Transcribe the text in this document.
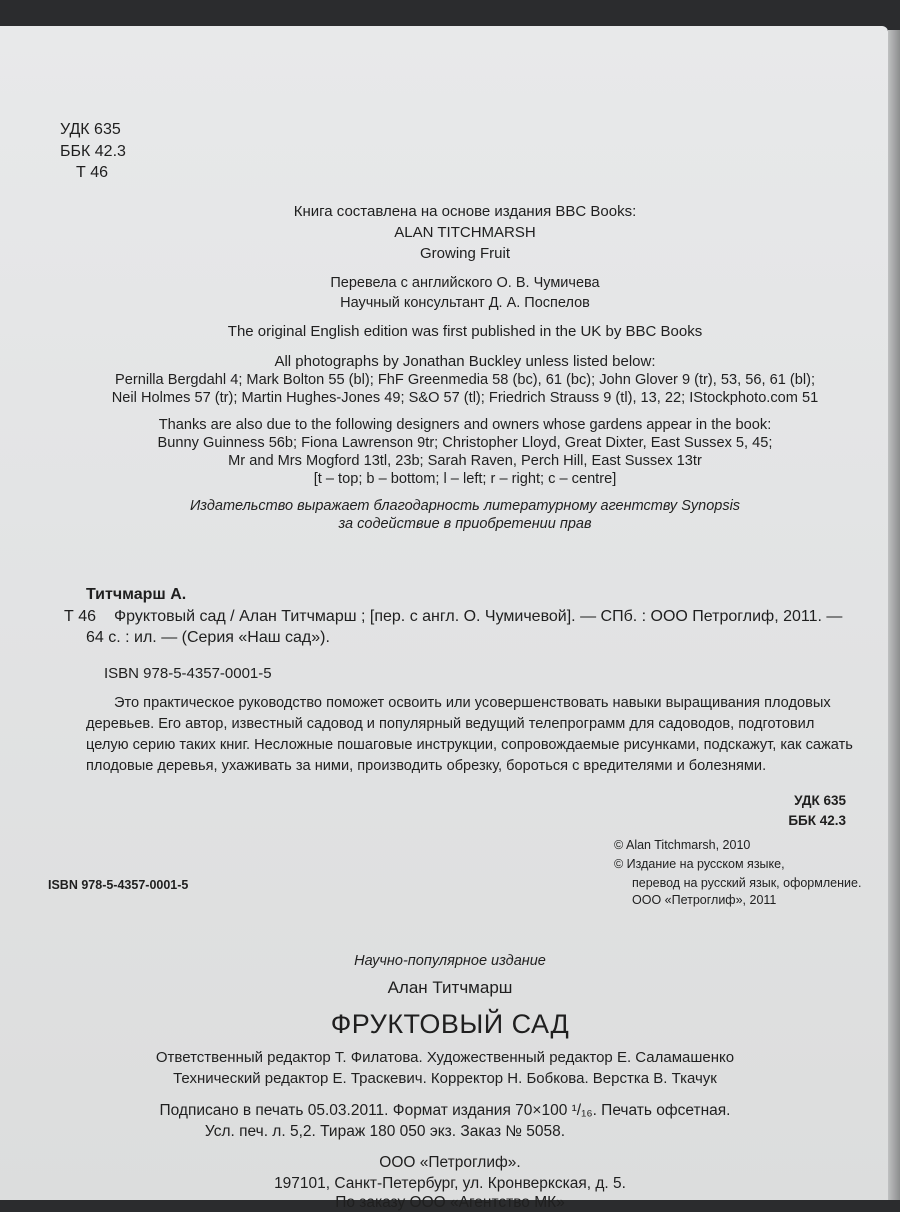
УДК 635
ББК 42.3
Т 46
Книга составлена на основе издания BBC Books:
ALAN TITCHMARSH
Growing Fruit
Перевела с английского О. В. Чумичева
Научный консультант Д. А. Поспелов
The original English edition was first published in the UK by BBC Books
All photographs by Jonathan Buckley unless listed below:
Pernilla Bergdahl 4; Mark Bolton 55 (bl); FhF Greenmedia 58 (bc), 61 (bc); John Glover 9 (tr), 53, 56, 61 (bl);
Neil Holmes 57 (tr); Martin Hughes-Jones 49; S&O 57 (tl); Friedrich Strauss 9 (tl), 13, 22; IStockphoto.com 51
Thanks are also due to the following designers and owners whose gardens appear in the book:
Bunny Guinness 56b; Fiona Lawrenson 9tr; Christopher Lloyd, Great Dixter, East Sussex 5, 45;
Mr and Mrs Mogford 13tl, 23b; Sarah Raven, Perch Hill, East Sussex 13tr
[t – top; b – bottom; l – left; r – right; c – centre]
Издательство выражает благодарность литературному агентству Synopsis
за содействие в приобретении прав
Титчмарш А.
Т 46 Фруктовый сад / Алан Титчмарш ; [пер. с англ. О. Чумичевой]. — СПб. : ООО Петроглиф, 2011. —
64 с. : ил. — (Серия «Наш сад»).
ISBN 978-5-4357-0001-5
Это практическое руководство поможет освоить или усовершенствовать навыки выращивания плодовых
деревьев. Его автор, известный садовод и популярный ведущий телепрограмм для садоводов, подготовил
целую серию таких книг. Несложные пошаговые инструкции, сопровождаемые рисунками, подскажут, как сажать
плодовые деревья, ухаживать за ними, производить обрезку, бороться с вредителями и болезнями.
УДК 635
ББК 42.3
ISBN 978-5-4357-0001-5
© Alan Titchmarsh, 2010
© Издание на русском языке,
перевод на русский язык, оформление.
ООО «Петроглиф», 2011
Научно-популярное издание
Алан Титчмарш
ФРУКТОВЫЙ САД
Ответственный редактор Т. Филатова. Художественный редактор Е. Саламашенко
Технический редактор Е. Траскевич. Корректор Н. Бобкова. Верстка В. Ткачук
Подписано в печать 05.03.2011. Формат издания 70×100 ¹/₁₆. Печать офсетная.
Усл. печ. л. 5,2. Тираж 180 050 экз. Заказ № 5058.
ООО «Петроглиф».
197101, Санкт-Петербург, ул. Кронверкская, д. 5.
По заказу ООО «Агентство МК»
